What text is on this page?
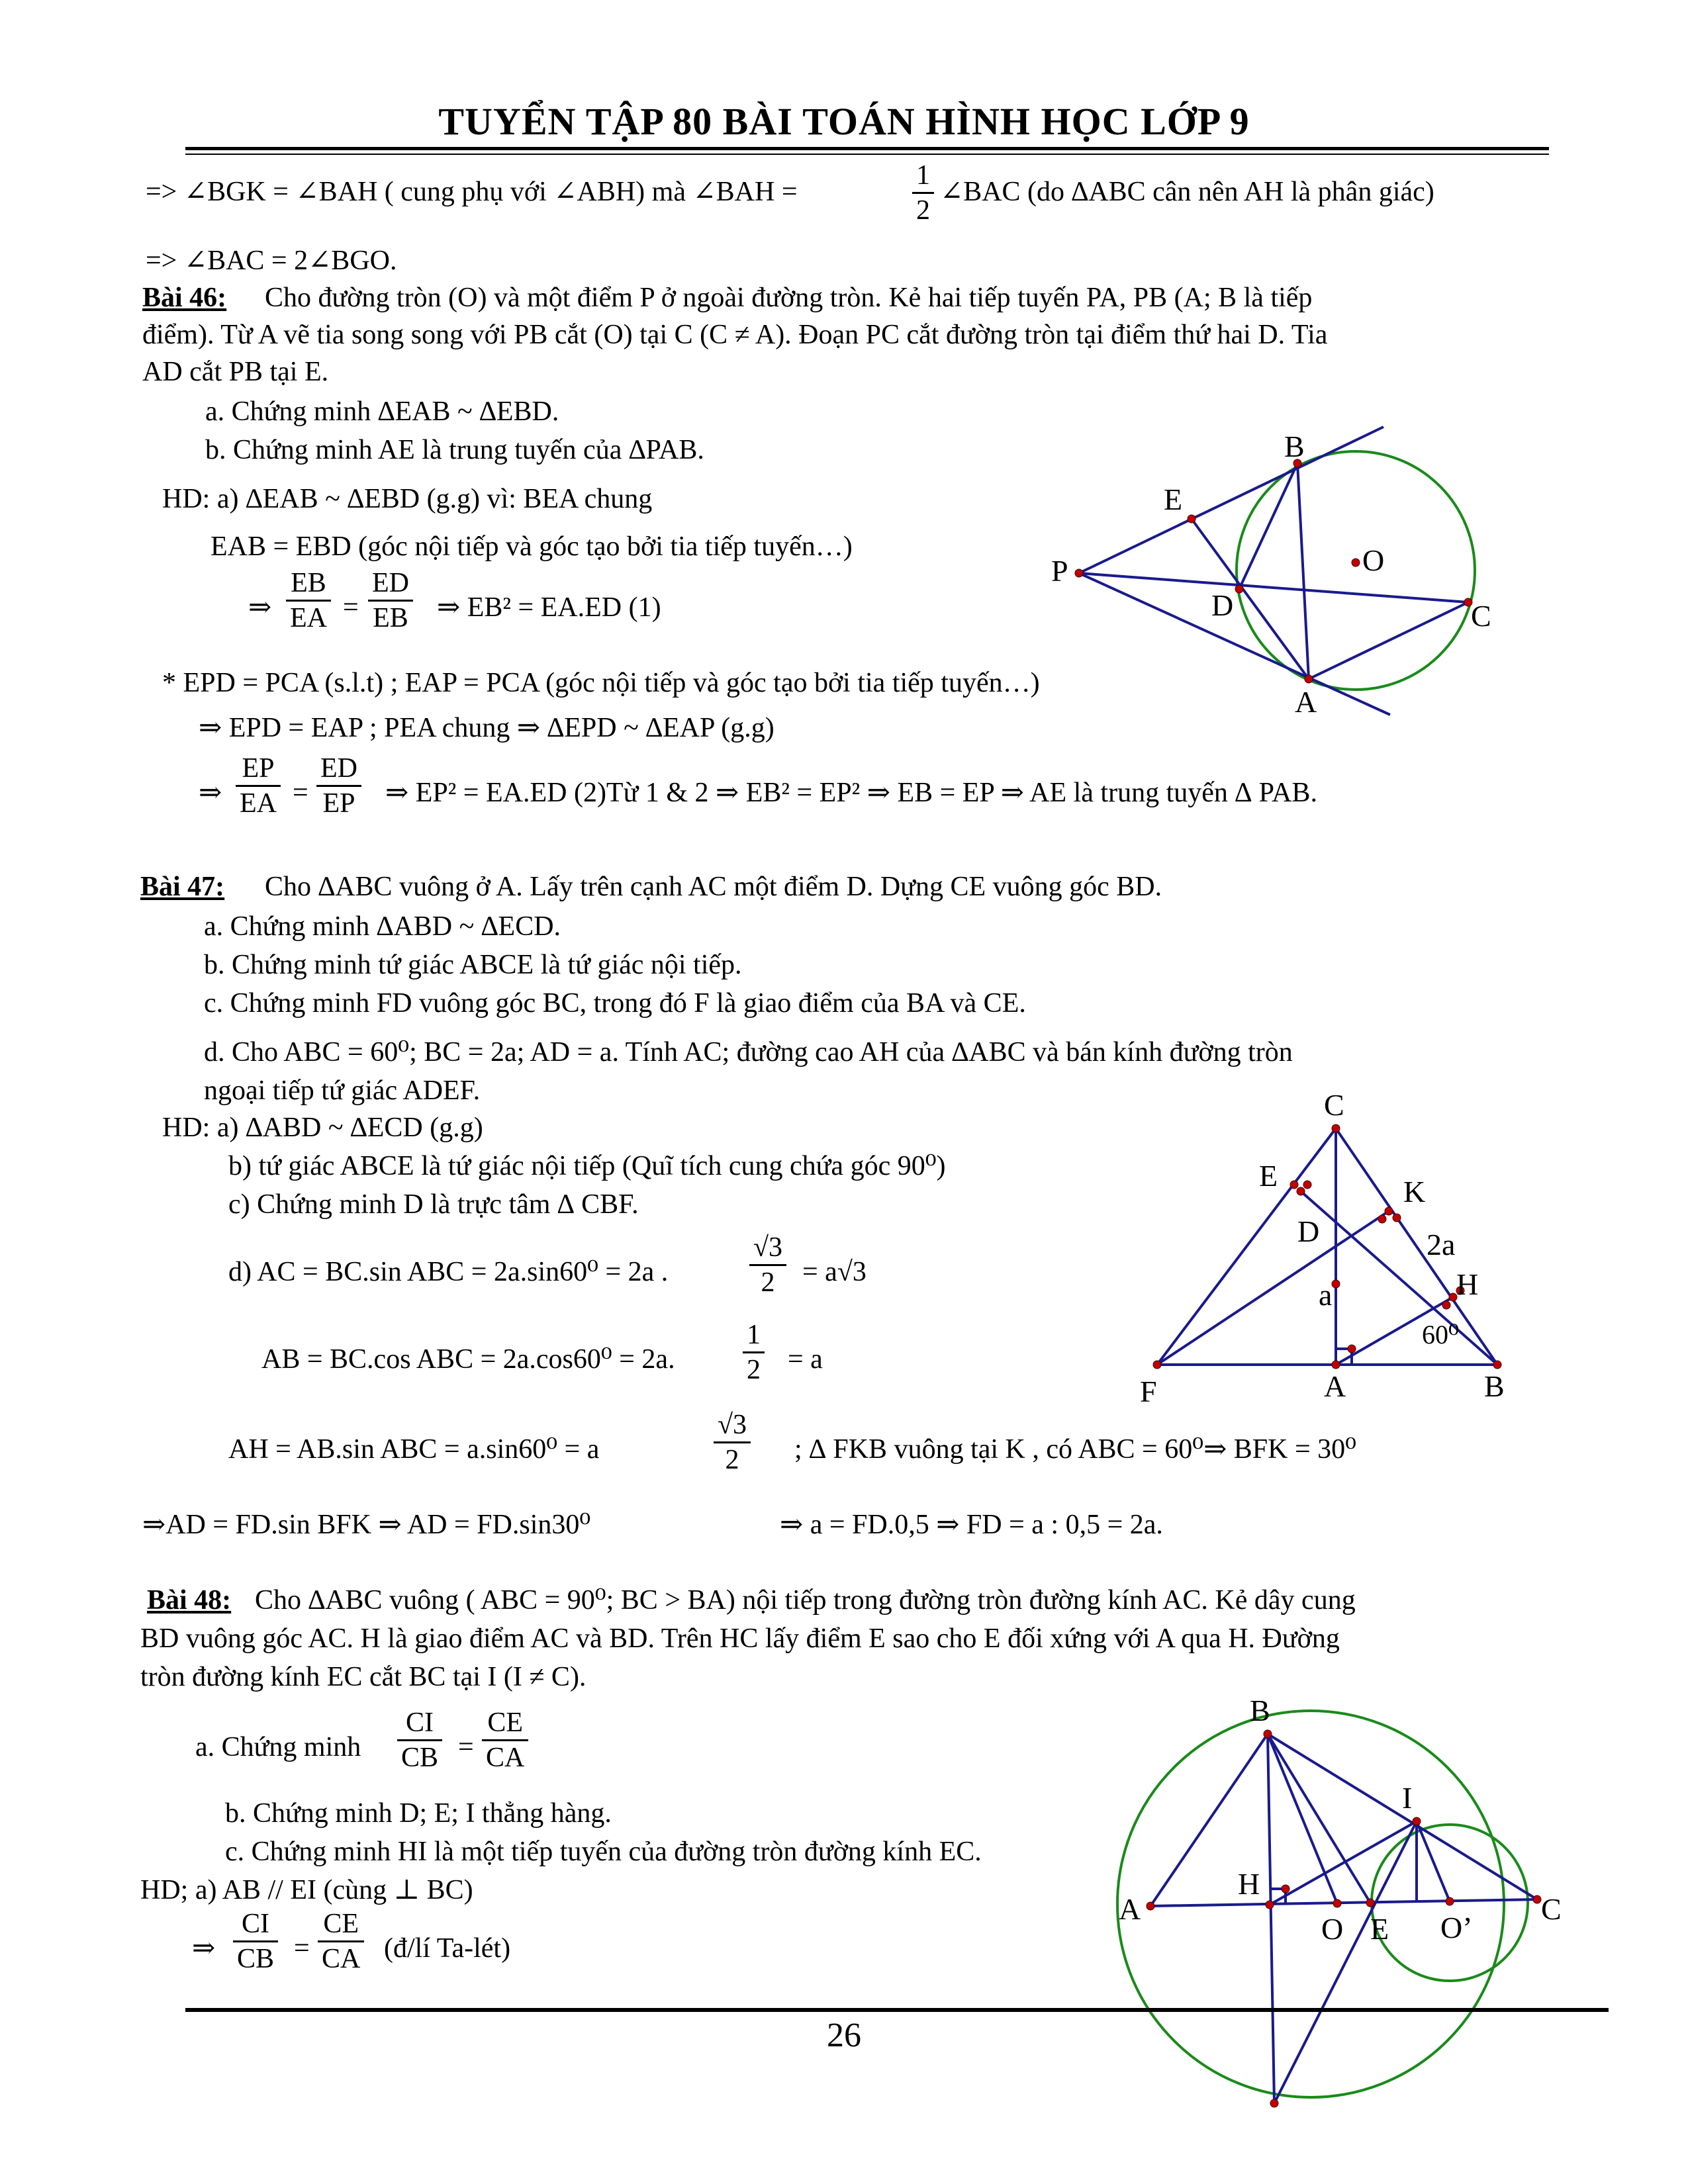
TUYỂN TẬP 80 BÀI TOÁN HÌNH HỌC LỚP 9
=> ∠BGK = ∠BAH ( cung phụ với ∠ABH) mà ∠BAH =	$\frac{1}{2}$ ∠BAC (do ∆ABC cân nên AH là phân giác)
=> ∠BAC = 2∠BGO.
Bài 46: Cho đường tròn (O) và một điểm P ở ngoài đường tròn. Kẻ hai tiếp tuyến PA, PB (A; B là tiếp
điểm). Từ A vẽ tia song song với PB cắt (O) tại C (C ≠ A). Đoạn PC cắt đường tròn tại điểm thứ hai D. Tia
AD cắt PB tại E.
a. Chứng minh ∆EAB ~ ∆EBD.
b. Chứng minh AE là trung tuyến của ∆PAB.
HD: a) ∆EAB ~ ∆EBD (g.g) vì: BEA chung
EAB = EBD (góc nội tiếp và góc tạo bởi tia tiếp tuyến…)
⇒ $\frac{EB}{EA} = \frac{ED}{EB}$ ⇒ EB² = EA.ED (1)
* EPD = PCA (s.l.t) ; EAP = PCA (góc nội tiếp và góc tạo bởi tia tiếp tuyến…)
⇒ EPD = EAP ; PEA chung ⇒ ∆EPD ~ ∆EAP (g.g)
⇒ $\frac{EP}{EA} = \frac{ED}{EP}$ ⇒ EP² = EA.ED (2)Từ 1 & 2 ⇒ EB² = EP² ⇒ EB = EP ⇒ AE là trung tuyến ∆ PAB.
B
E
P	O
D	C
A
Bài 47: Cho ∆ABC vuông ở A. Lấy trên cạnh AC một điểm D. Dựng CE vuông góc BD.
a. Chứng minh ∆ABD ~ ∆ECD.
b. Chứng minh tứ giác ABCE là tứ giác nội tiếp.
c. Chứng minh FD vuông góc BC, trong đó F là giao điểm của BA và CE.
d. Cho ABC = 60⁰; BC = 2a; AD = a. Tính AC; đường cao AH của ∆ABC và bán kính đường tròn
ngoại tiếp tứ giác ADEF.
HD: a) ∆ABD ~ ∆ECD (g.g)
b) tứ giác ABCE là tứ giác nội tiếp (Quĩ tích cung chứa góc 90⁰)
c) Chứng minh D là trực tâm ∆ CBF.
d) AC = BC.sin ABC = 2a.sin60⁰ = 2a .	$\frac{√3}{2} = a√3$
AB = BC.cos ABC = 2a.cos60⁰ = 2a. $\frac{1}{2} = a$
AH = AB.sin ABC = a.sin60⁰ = a	$\frac{√3}{2}$ ; ∆ FKB vuông tại K , có ABC = 60⁰⇒ BFK = 30⁰
⇒AD = FD.sin BFK ⇒ AD = FD.sin30⁰	⇒ a = FD.0,5 ⇒ FD = a : 0,5 = 2a.
C
E	K
D	2a
a	H
60⁰
F	A	B
Bài 48: Cho ∆ABC vuông ( ABC = 90⁰; BC > BA) nội tiếp trong đường tròn đường kính AC. Kẻ dây cung
BD vuông góc AC. H là giao điểm AC và BD. Trên HC lấy điểm E sao cho E đối xứng với A qua H. Đường
tròn đường kính EC cắt BC tại I (I ≠ C).
a. Chứng minh $\frac{CI}{CB} = \frac{CE}{CA}$
b. Chứng minh D; E; I thẳng hàng.
c. Chứng minh HI là một tiếp tuyến của đường tròn đường kính EC.
HD; a) AB // EI (cùng ⊥ BC)
⇒ $\frac{CI}{CB} = \frac{CE}{CA}$ (đ/lí Ta-lét)
B
I
A
H
C
O E O’
26
